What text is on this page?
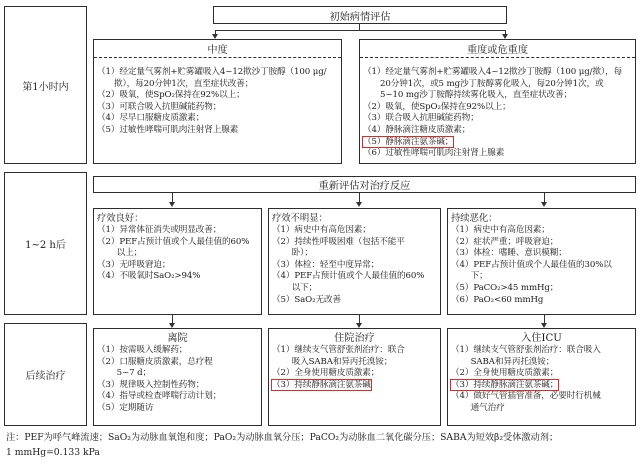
第1小时内
1~2 h后
后续治疗
初始病情评估
中度
（1）经定量气雾剂+贮雾罐吸入4~12揿沙丁胺醇（100 μg/
　　揿），每20分钟1次，直至症状改善；
（2）吸氧，使SpO₂保持在92%以上；
（3）可联合吸入抗胆碱能药物；
（4）尽早口服糖皮质激素；
（5）过敏性哮喘可肌肉注射肾上腺素
重度或危重度
（1）经定量气雾剂+贮雾罐吸入4~12揿沙丁胺醇（100 μg/揿），每
　　20分钟1次，或5 mg沙丁胺醇雾化吸入，每20分钟1次，或
　　5~10 mg沙丁胺醇持续雾化吸入，直至症状改善；
（2）吸氧，使SpO₂保持在92%以上；
（3）联合吸入抗胆碱能药物；
（4）静脉滴注糖皮质激素；
（5）静脉滴注氨茶碱；
（6）过敏性哮喘可肌肉注射肾上腺素
重新评估对治疗反应
疗效良好：
（1）异常体征消失或明显改善；
（2）PEF占预计值或个人最佳值的60%
　　 以上；
（3）无呼吸窘迫；
（4）不吸氧时SaO₂>94%
疗效不明显：
（1）病史中有高危因素；
（2）持续性呼吸困难（包括不能平
　　 卧）；
（3）体检：轻至中度异常；
（4）PEF占预计值或个人最佳值的60%
　　 以下；
（5）SaO₂无改善
持续恶化：
（1）病史中有高危因素；
（2）症状严重；呼吸窘迫；
（3）体检：嗜睡、意识模糊；
（4）PEF占预计值或个人最佳值的30%以
　　 下；
（5）PaCO₂>45 mmHg；
（6）PaO₂<60 mmHg
离院
（1）按需吸入缓解药；
（2）口服糖皮质激素，总疗程
　　 5~7 d；
（3）规律吸入控制性药物；
（4）指导或检查哮喘行动计划；
（5）定期随访
住院治疗
（1）继续支气管舒张剂治疗：联合
　　 吸入SABA和异丙托溴铵；
（2）全身使用糖皮质激素；
（3）持续静脉滴注氨茶碱
入住ICU
（1）继续支气管舒张剂治疗：联合吸入
　　 SABA和异丙托溴铵；
（2）全身使用糖皮质激素；
（3）持续静脉滴注氨茶碱；
（4）做好气管插管准备，必要时行机械
　　 通气治疗
注：PEF为呼气峰流速；SaO₂为动脉血氧饱和度；PaO₂为动脉血氧分压；PaCO₂为动脉血二氧化碳分压；SABA为短效β₂受体激动剂；
1 mmHg=0.133 kPa
